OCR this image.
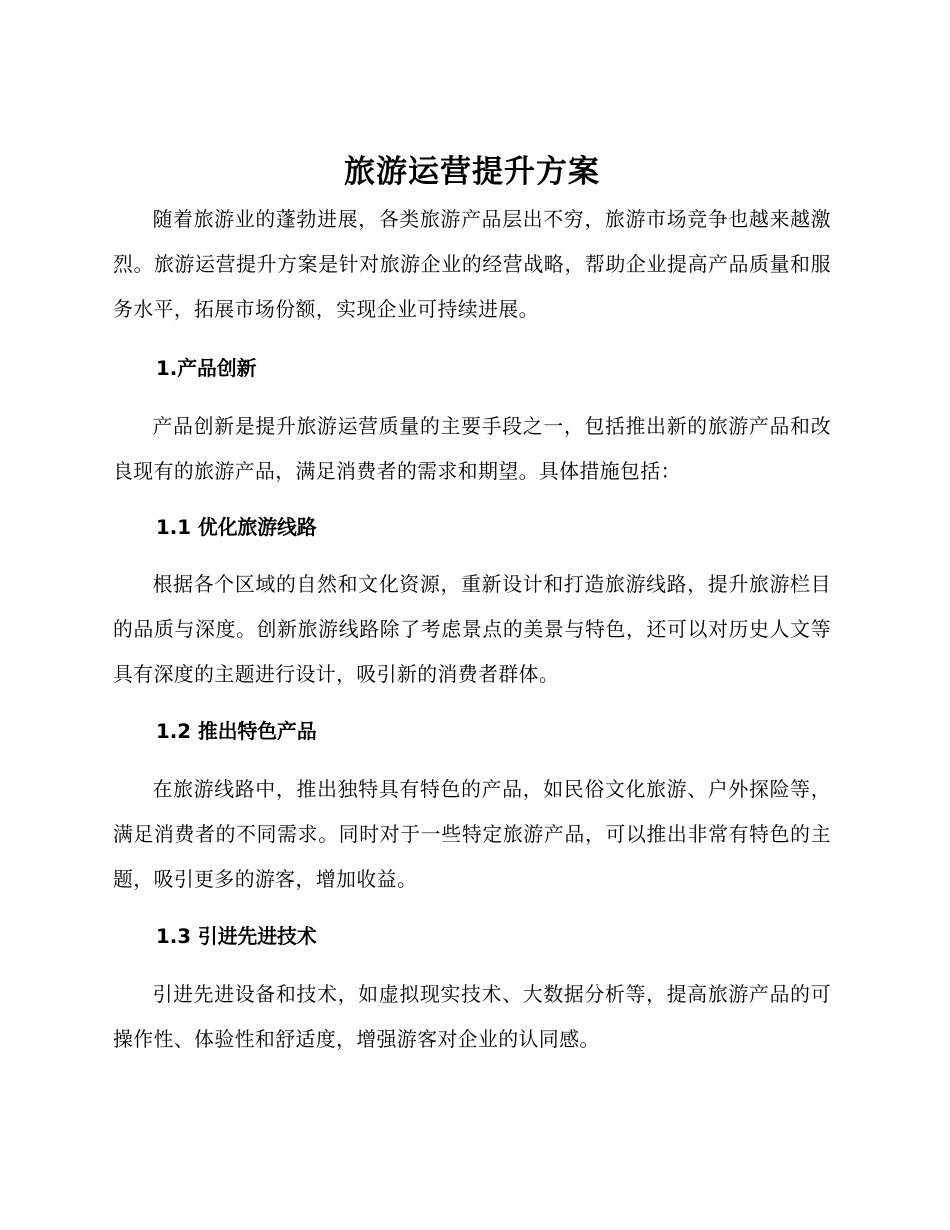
旅游运营提升方案

随着旅游业的蓬勃进展，各类旅游产品层出不穷，旅游市场竞争也越来越激烈。旅游运营提升方案是针对旅游企业的经营战略，帮助企业提高产品质量和服务水平，拓展市场份额，实现企业可持续进展。

1.产品创新

产品创新是提升旅游运营质量的主要手段之一，包括推出新的旅游产品和改良现有的旅游产品，满足消费者的需求和期望。具体措施包括：

1.1 优化旅游线路

根据各个区域的自然和文化资源，重新设计和打造旅游线路，提升旅游栏目的品质与深度。创新旅游线路除了考虑景点的美景与特色，还可以对历史人文等具有深度的主题进行设计，吸引新的消费者群体。

1.2 推出特色产品

在旅游线路中，推出独特具有特色的产品，如民俗文化旅游、户外探险等，满足消费者的不同需求。同时对于一些特定旅游产品，可以推出非常有特色的主题，吸引更多的游客，增加收益。

1.3 引进先进技术

引进先进设备和技术，如虚拟现实技术、大数据分析等，提高旅游产品的可操作性、体验性和舒适度，增强游客对企业的认同感。
